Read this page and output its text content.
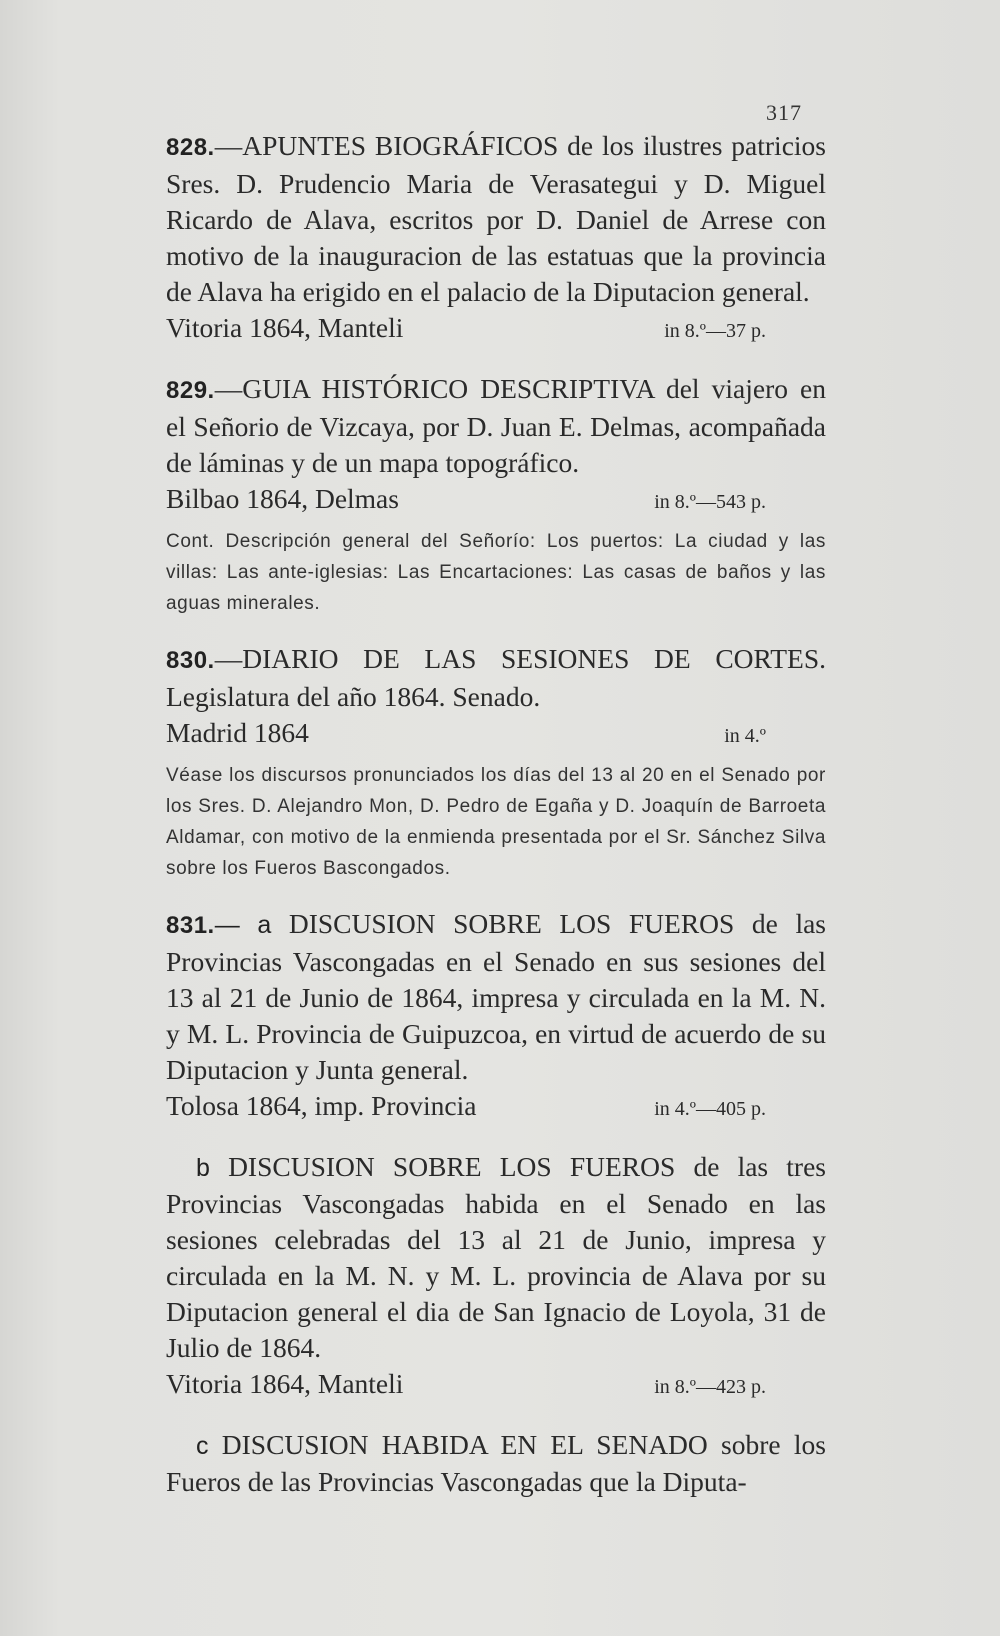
317

828.—APUNTES BIOGRÁFICOS de los ilustres patricios Sres. D. Prudencio Maria de Verasategui y D. Miguel Ricardo de Alava, escritos por D. Daniel de Arrese con motivo de la inauguracion de las estatuas que la provincia de Alava ha erigido en el palacio de la Diputacion general.

Vitoria 1864, Manteli	in 8.º—37 p.

829.—GUIA HISTÓRICO DESCRIPTIVA del viajero en el Señorio de Vizcaya, por D. Juan E. Delmas, acompañada de láminas y de un mapa topográfico.

Bilbao 1864, Delmas	in 8.º—543 p.

Cont. Descripción general del Señorío: Los puertos: La ciudad y las villas: Las ante-iglesias: Las Encartaciones: Las casas de baños y las aguas minerales.

830.—DIARIO DE LAS SESIONES DE CORTES. Legislatura del año 1864. Senado.

Madrid 1864	in 4.º

Véase los discursos pronunciados los días del 13 al 20 en el Senado por los Sres. D. Alejandro Mon, D. Pedro de Egaña y D. Joaquín de Barroeta Aldamar, con motivo de la enmienda presentada por el Sr. Sánchez Silva sobre los Fueros Bascongados.

831.— a DISCUSION SOBRE LOS FUEROS de las Provincias Vascongadas en el Senado en sus sesiones del 13 al 21 de Junio de 1864, impresa y circulada en la M. N. y M. L. Provincia de Guipuzcoa, en virtud de acuerdo de su Diputacion y Junta general.

Tolosa 1864, imp. Provincia	in 4.º—405 p.

b DISCUSION SOBRE LOS FUEROS de las tres Provincias Vascongadas habida en el Senado en las sesiones celebradas del 13 al 21 de Junio, impresa y circulada en la M. N. y M. L. provincia de Alava por su Diputacion general el dia de San Ignacio de Loyola, 31 de Julio de 1864.

Vitoria 1864, Manteli	in 8.º—423 p.

c DISCUSION HABIDA EN EL SENADO sobre los Fueros de las Provincias Vascongadas que la Diputa-
